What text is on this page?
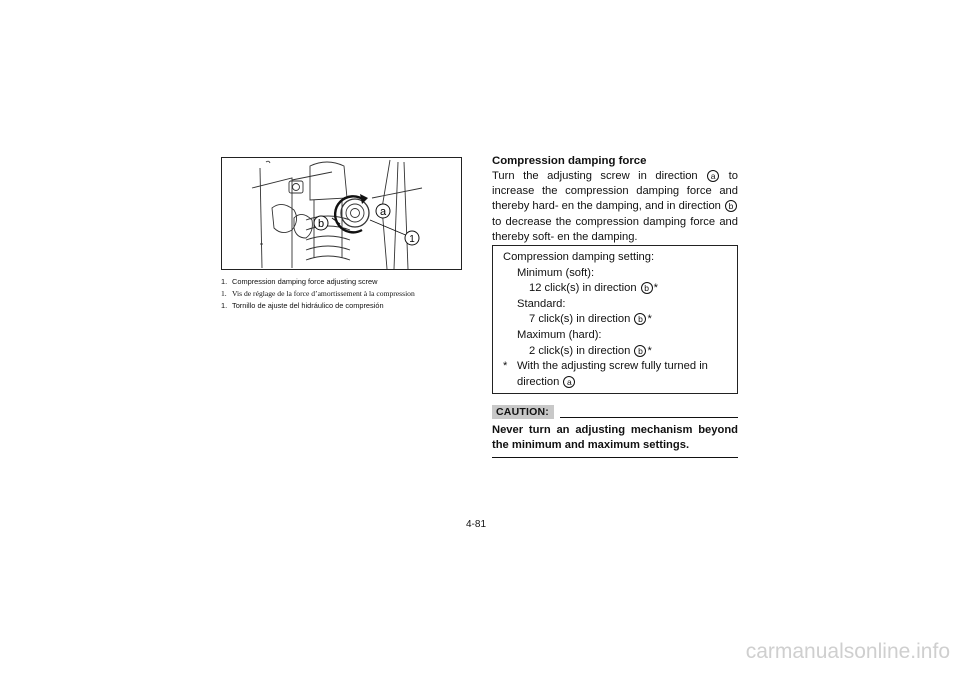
b
a
1
1. Compression damping force adjusting screw
1. Vis de réglage de la force d’amortissement à la compression
1. Tornillo de ajuste del hidráulico de compresión
Compression damping force

Turn the adjusting screw in direction a to increase the compression damping force and thereby hard- en the damping, and in direction b to decrease the compression damping force and thereby soft- en the damping.

Compression damping setting:
Minimum (soft):
12 click(s) in direction b *
Standard:
7 click(s) in direction b *
Maximum (hard):
2 click(s) in direction b *
* With the adjusting screw fully turned in direction a
CAUTION:

Never turn an adjusting mechanism beyond the minimum and maximum settings.

4-81
carmanualsonline.info
